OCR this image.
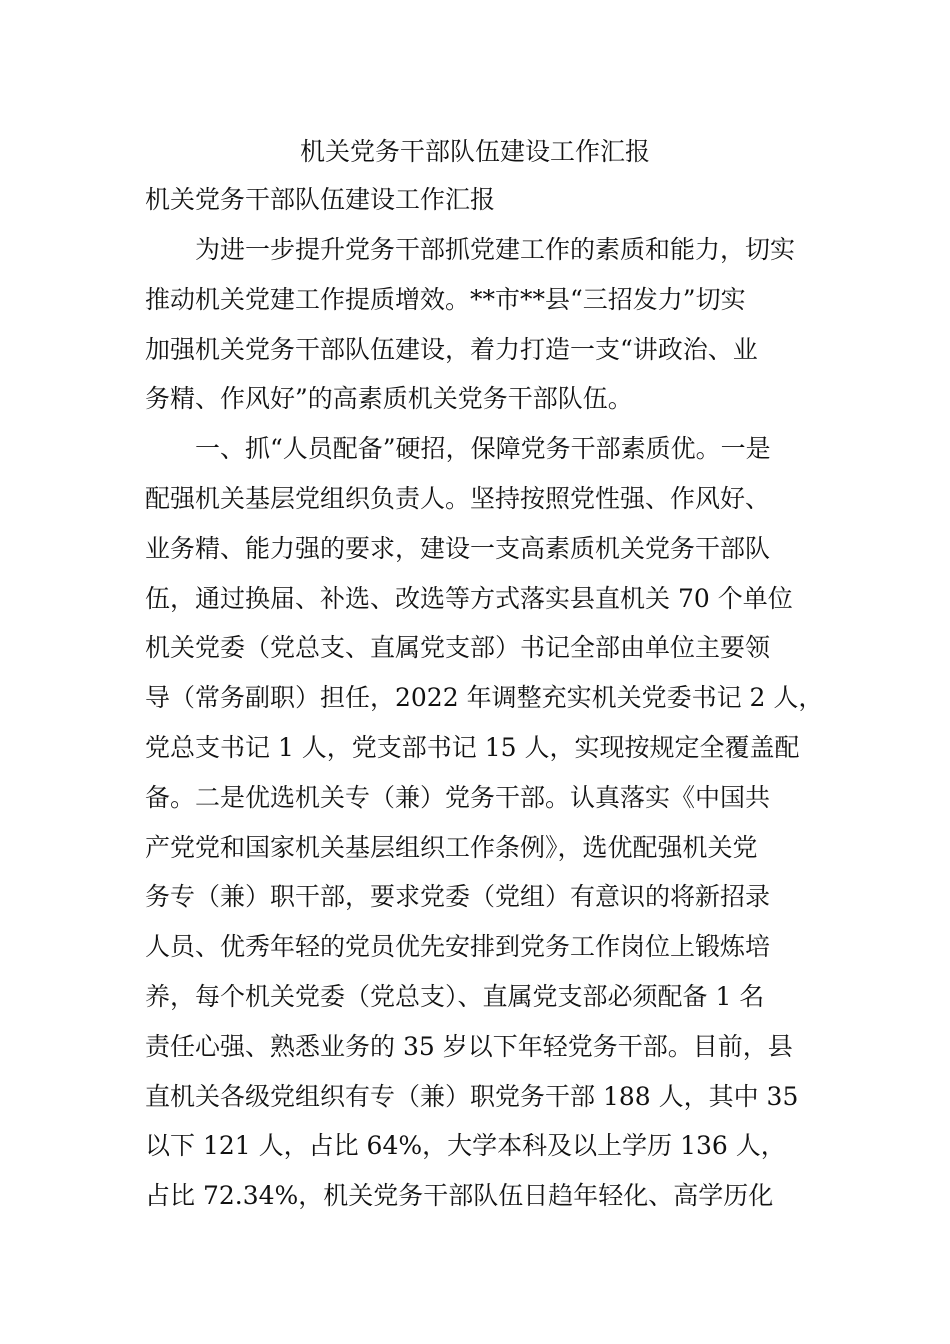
机关党务干部队伍建设工作汇报
机关党务干部队伍建设工作汇报
　　为进一步提升党务干部抓党建工作的素质和能力，切实
推动机关党建工作提质增效。**市**县“三招发力”切实
加强机关党务干部队伍建设，着力打造一支“讲政治、业
务精、作风好”的高素质机关党务干部队伍。
　　一、抓“人员配备”硬招，保障党务干部素质优。一是
配强机关基层党组织负责人。坚持按照党性强、作风好、
业务精、能力强的要求，建设一支高素质机关党务干部队
伍，通过换届、补选、改选等方式落实县直机关 70 个单位
机关党委（党总支、直属党支部）书记全部由单位主要领
导（常务副职）担任，2022 年调整充实机关党委书记 2 人，
党总支书记 1 人，党支部书记 15 人，实现按规定全覆盖配
备。二是优选机关专（兼）党务干部。认真落实《中国共
产党党和国家机关基层组织工作条例》，选优配强机关党
务专（兼）职干部，要求党委（党组）有意识的将新招录
人员、优秀年轻的党员优先安排到党务工作岗位上锻炼培
养，每个机关党委（党总支）、直属党支部必须配备 1 名
责任心强、熟悉业务的 35 岁以下年轻党务干部。目前，县
直机关各级党组织有专（兼）职党务干部 188 人，其中 35
以下 121 人，占比 64%，大学本科及以上学历 136 人，
占比 72.34%，机关党务干部队伍日趋年轻化、高学历化
